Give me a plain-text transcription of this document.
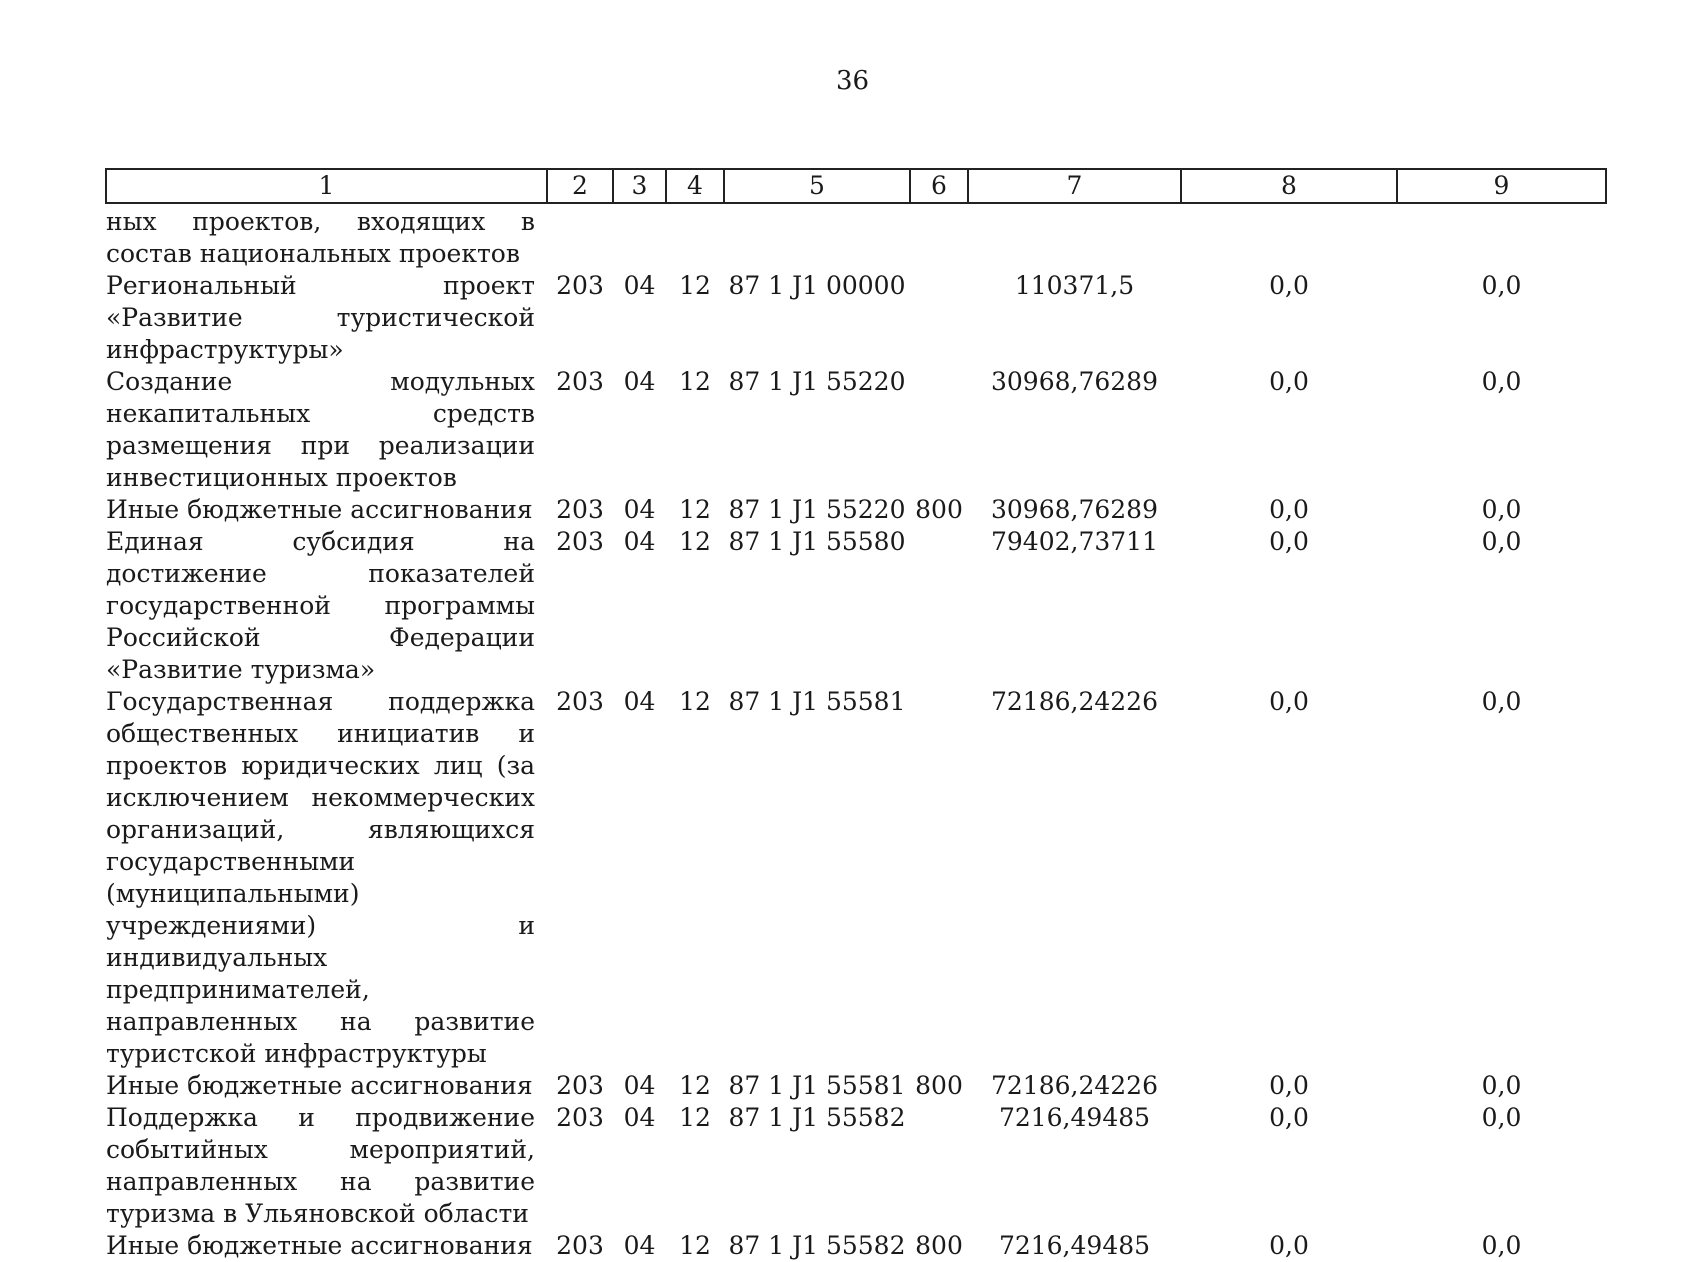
36
1	2	3	4	5	6	7	8	9
ных проектов, входящих в состав национальных проектов								
Региональный проект «Развитие туристической инфраструктуры»	203	04	12	87 1 J1 00000		110371,5	0,0	0,0
Создание модульных некапитальных средств размещения при реализации инвестиционных проектов	203	04	12	87 1 J1 55220		30968,76289	0,0	0,0
Иные бюджетные ассигнования	203	04	12	87 1 J1 55220	800	30968,76289	0,0	0,0
Единая субсидия на достижение показателей государственной программы Российской Федерации «Развитие туризма»	203	04	12	87 1 J1 55580		79402,73711	0,0	0,0
Государственная поддержка общественных инициатив и проектов юридических лиц (за исключением некоммерческих организаций, являющихся государственными (муниципальными) учреждениями) и индивидуальных предпринимателей, направленных на развитие туристской инфраструктуры	203	04	12	87 1 J1 55581		72186,24226	0,0	0,0
Иные бюджетные ассигнования	203	04	12	87 1 J1 55581	800	72186,24226	0,0	0,0
Поддержка и продвижение событийных мероприятий, направленных на развитие туризма в Ульяновской области	203	04	12	87 1 J1 55582		7216,49485	0,0	0,0
Иные бюджетные ассигнования	203	04	12	87 1 J1 55582	800	7216,49485	0,0	0,0
